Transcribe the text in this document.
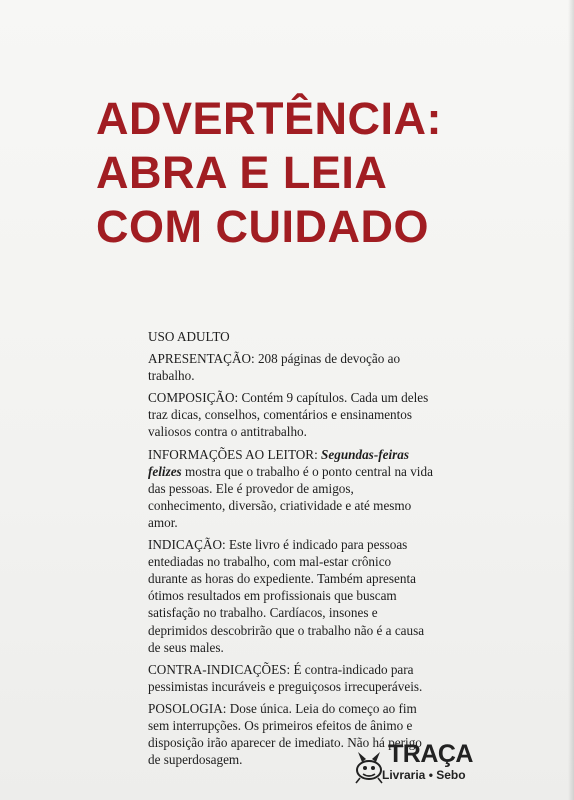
ADVERTÊNCIA:
ABRA E LEIA
COM CUIDADO

USO ADULTO

APRESENTAÇÃO: 208 páginas de devoção ao trabalho.

COMPOSIÇÃO: Contém 9 capítulos. Cada um deles traz dicas, conselhos, comentários e ensinamentos valiosos contra o antitrabalho.

INFORMAÇÕES AO LEITOR: Segundas-feiras felizes mostra que o trabalho é o ponto central na vida das pessoas. Ele é provedor de amigos, conhecimento, diversão, criatividade e até mesmo amor.

INDICAÇÃO: Este livro é indicado para pessoas entediadas no trabalho, com mal-estar crônico durante as horas do expediente. Também apresenta ótimos resultados em profissionais que buscam satisfação no trabalho. Cardíacos, insones e deprimidos descobrirão que o trabalho não é a causa de seus males.

CONTRA-INDICAÇÕES: É contra-indicado para pessimistas incuráveis e preguiçosos irrecuperáveis.

POSOLOGIA: Dose única. Leia do começo ao fim sem interrupções. Os primeiros efeitos de ânimo e disposição irão aparecer de imediato. Não há perigo de superdosagem.	TRAÇA
Livraria • Sebo
